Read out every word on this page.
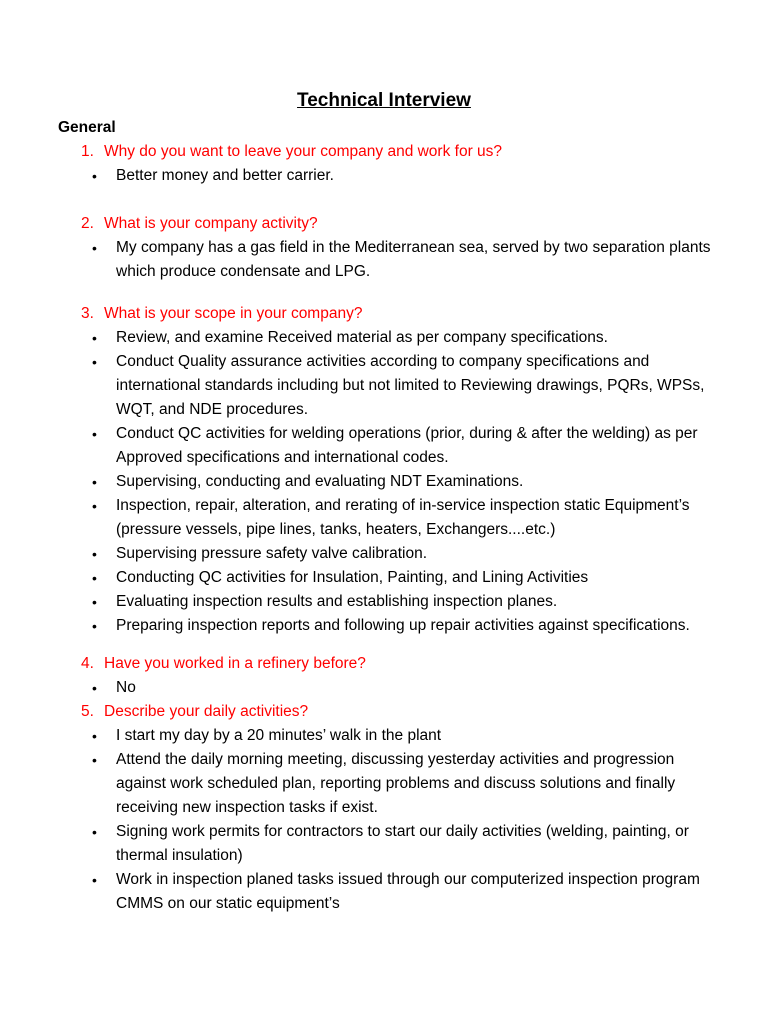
Technical Interview
General
1. Why do you want to leave your company and work for us?
• Better money and better carrier.
2. What is your company activity?
• My company has a gas field in the Mediterranean sea, served by two separation plants which produce condensate and LPG.
3. What is your scope in your company?
• Review, and examine Received material as per company specifications.
• Conduct Quality assurance activities according to company specifications and international standards including but not limited to Reviewing drawings, PQRs, WPSs, WQT, and NDE procedures.
• Conduct QC activities for welding operations (prior, during & after the welding) as per Approved specifications and international codes.
• Supervising, conducting and evaluating NDT Examinations.
• Inspection, repair, alteration, and rerating of in-service inspection static Equipment’s (pressure vessels, pipe lines, tanks, heaters, Exchangers....etc.)
• Supervising pressure safety valve calibration.
• Conducting QC activities for Insulation, Painting, and Lining Activities
• Evaluating inspection results and establishing inspection planes.
• Preparing inspection reports and following up repair activities against specifications.
4. Have you worked in a refinery before?
• No
5. Describe your daily activities?
• I start my day by a 20 minutes’ walk in the plant
• Attend the daily morning meeting, discussing yesterday activities and progression against work scheduled plan, reporting problems and discuss solutions and finally receiving new inspection tasks if exist.
• Signing work permits for contractors to start our daily activities (welding, painting, or thermal insulation)
• Work in inspection planed tasks issued through our computerized inspection program CMMS on our static equipment’s
